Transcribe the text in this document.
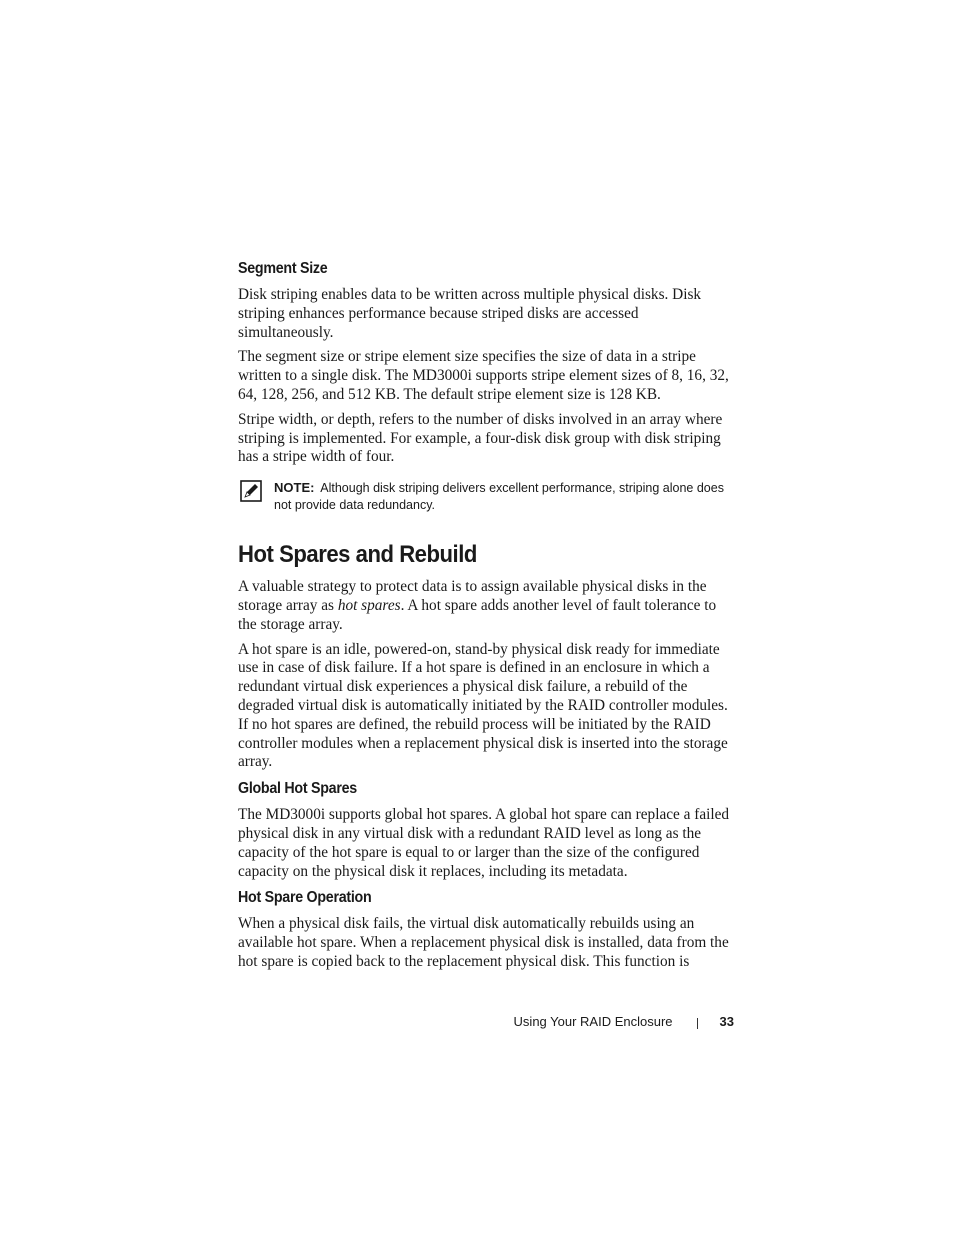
Segment Size

Disk striping enables data to be written across multiple physical disks. Disk striping enhances performance because striped disks are accessed simultaneously.

The segment size or stripe element size specifies the size of data in a stripe written to a single disk. The MD3000i supports stripe element sizes of 8, 16, 32, 64, 128, 256, and 512 KB. The default stripe element size is 128 KB.

Stripe width, or depth, refers to the number of disks involved in an array where striping is implemented. For example, a four-disk disk group with disk striping has a stripe width of four.

NOTE: Although disk striping delivers excellent performance, striping alone does not provide data redundancy.
Hot Spares and Rebuild

A valuable strategy to protect data is to assign available physical disks in the storage array as hot spares. A hot spare adds another level of fault tolerance to the storage array.

A hot spare is an idle, powered-on, stand-by physical disk ready for immediate use in case of disk failure. If a hot spare is defined in an enclosure in which a redundant virtual disk experiences a physical disk failure, a rebuild of the degraded virtual disk is automatically initiated by the RAID controller modules. If no hot spares are defined, the rebuild process will be initiated by the RAID controller modules when a replacement physical disk is inserted into the storage array.

Global Hot Spares

The MD3000i supports global hot spares. A global hot spare can replace a failed physical disk in any virtual disk with a redundant RAID level as long as the capacity of the hot spare is equal to or larger than the size of the configured capacity on the physical disk it replaces, including its metadata.

Hot Spare Operation

When a physical disk fails, the virtual disk automatically rebuilds using an available hot spare. When a replacement physical disk is installed, data from the hot spare is copied back to the replacement physical disk. This function is

Using Your RAID Enclosure	33
